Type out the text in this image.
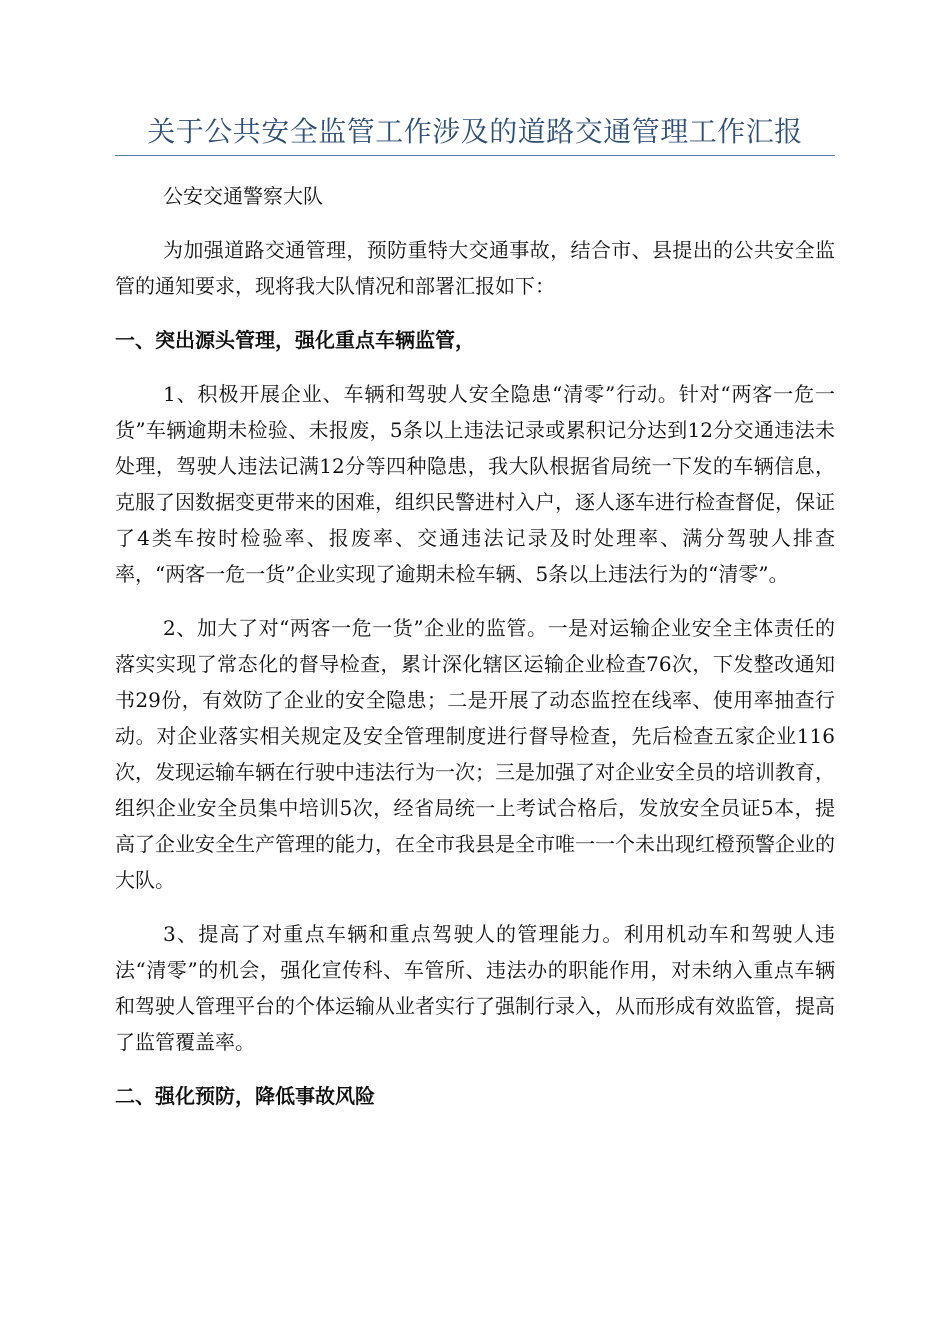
关于公共安全监管工作涉及的道路交通管理工作汇报

公安交通警察大队

为加强道路交通管理，预防重特大交通事故，结合市、县提出的公共安全监管的通知要求，现将我大队情况和部署汇报如下：

一、突出源头管理，强化重点车辆监管，

1、积极开展企业、车辆和驾驶人安全隐患“清零”行动。针对“两客一危一货”车辆逾期未检验、未报废，5条以上违法记录或累积记分达到12分交通违法未处理，驾驶人违法记满12分等四种隐患，我大队根据省局统一下发的车辆信息，克服了因数据变更带来的困难，组织民警进村入户，逐人逐车进行检查督促，保证了4类车按时检验率、报废率、交通违法记录及时处理率、满分驾驶人排查率，“两客一危一货”企业实现了逾期未检车辆、5条以上违法行为的“清零”。

2、加大了对“两客一危一货”企业的监管。一是对运输企业安全主体责任的落实实现了常态化的督导检查，累计深化辖区运输企业检查76次，下发整改通知书29份，有效防了企业的安全隐患；二是开展了动态监控在线率、使用率抽查行动。对企业落实相关规定及安全管理制度进行督导检查，先后检查五家企业116次，发现运输车辆在行驶中违法行为一次；三是加强了对企业安全员的培训教育，组织企业安全员集中培训5次，经省局统一上考试合格后，发放安全员证5本，提高了企业安全生产管理的能力，在全市我县是全市唯一一个未出现红橙预警企业的大队。

3、提高了对重点车辆和重点驾驶人的管理能力。利用机动车和驾驶人违法“清零”的机会，强化宣传科、车管所、违法办的职能作用，对未纳入重点车辆和驾驶人管理平台的个体运输从业者实行了强制行录入，从而形成有效监管，提高了监管覆盖率。

二、强化预防，降低事故风险
